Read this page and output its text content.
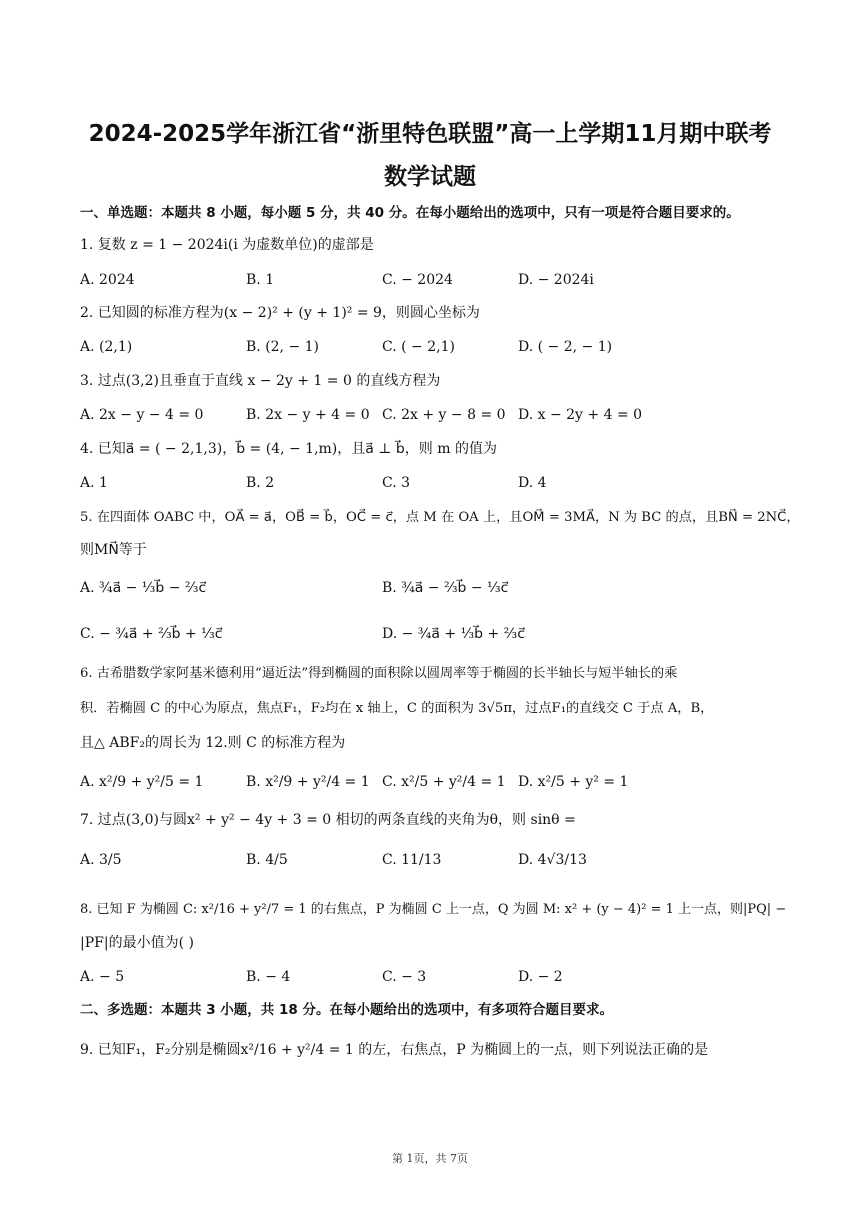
2024-2025学年浙江省“浙里特色联盟”高一上学期11月期中联考
数学试题
一、单选题：本题共 8 小题，每小题 5 分，共 40 分。在每小题给出的选项中，只有一项是符合题目要求的。
1. 复数 z = 1 − 2024i(i 为虚数单位)的虚部是
A. 2024	B. 1	C. − 2024	D. − 2024i
2. 已知圆的标准方程为(x − 2)² + (y + 1)² = 9，则圆心坐标为
A. (2,1)	B. (2, − 1)	C. ( − 2,1)	D. ( − 2, − 1)
3. 过点(3,2)且垂直于直线 x − 2y + 1 = 0 的直线方程为
A. 2x − y − 4 = 0	B. 2x − y + 4 = 0 C. 2x + y − 8 = 0 D. x − 2y + 4 = 0
4. 已知a⃗ = ( − 2,1,3)，b⃗ = (4, − 1,m)，且a⃗ ⊥ b⃗，则 m 的值为
A. 1	B. 2	C. 3	D. 4
5. 在四面体 OABC 中，OA⃗ = a⃗，OB⃗ = b⃗，OC⃗ = c⃗，点 M 在 OA 上，且OM⃗ = 3MA⃗，N 为 BC 的点，且BN⃗ = 2NC⃗，
则MN⃗等于
A. ¾a⃗ − ⅓b⃗ − ⅔c⃗	B. ¾a⃗ − ⅔b⃗ − ⅓c⃗
C. − ¾a⃗ + ⅔b⃗ + ⅓c⃗	D. − ¾a⃗ + ⅓b⃗ + ⅔c⃗
6. 古希腊数学家阿基米德利用“逼近法”得到椭圆的面积除以圆周率等于椭圆的长半轴长与短半轴长的乘
积．若椭圆 C 的中心为原点，焦点F₁，F₂均在 x 轴上，C 的面积为 3√5π，过点F₁的直线交 C 于点 A，B，
且△ ABF₂的周长为 12.则 C 的标准方程为
A. x²/9 + y²/5 = 1	B. x²/9 + y²/4 = 1 C. x²/5 + y²/4 = 1 D. x²/5 + y² = 1
7. 过点(3,0)与圆x² + y² − 4y + 3 = 0 相切的两条直线的夹角为θ，则 sinθ =
A. 3/5	B. 4/5	C. 11/13	D. 4√3/13
8. 已知 F 为椭圆 C: x²/16 + y²/7 = 1 的右焦点，P 为椭圆 C 上一点，Q 为圆 M: x² + (y − 4)² = 1 上一点，则|PQ| −
|PF|的最小值为( )
A. − 5	B. − 4	C. − 3	D. − 2
二、多选题：本题共 3 小题，共 18 分。在每小题给出的选项中，有多项符合题目要求。
9. 已知F₁，F₂分别是椭圆x²/16 + y²/4 = 1 的左，右焦点，P 为椭圆上的一点，则下列说法正确的是
第 1页，共 7页
